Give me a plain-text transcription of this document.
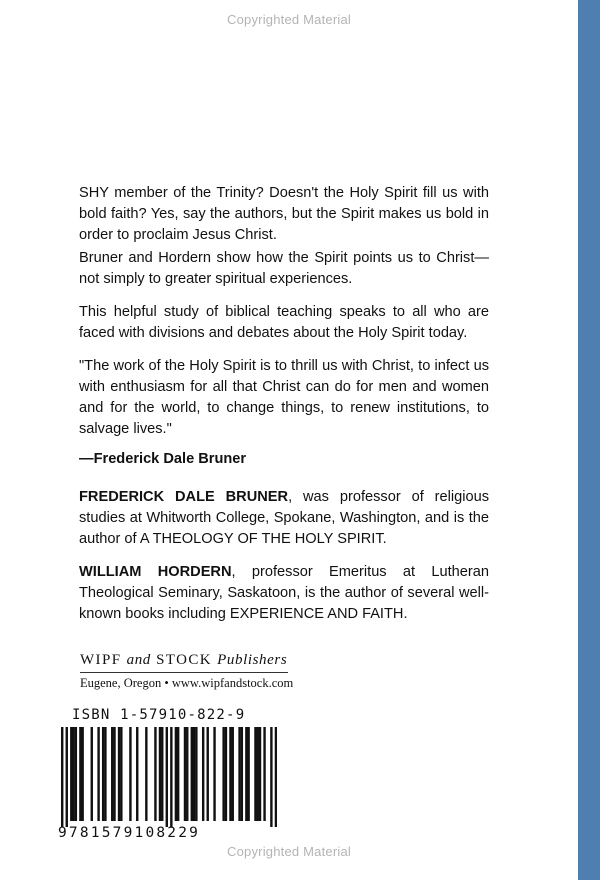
Copyrighted Material

SHY member of the Trinity? Doesn't the Holy Spirit fill us with bold faith? Yes, say the authors, but the Spirit makes us bold in order to proclaim Jesus Christ.

Bruner and Hordern show how the Spirit points us to Christ—not simply to greater spiritual experiences.

This helpful study of biblical teaching speaks to all who are faced with divisions and debates about the Holy Spirit today.

"The work of the Holy Spirit is to thrill us with Christ, to infect us with enthusiasm for all that Christ can do for men and women and for the world, to change things, to renew institutions, to salvage lives."

—Frederick Dale Bruner

FREDERICK DALE BRUNER, was professor of religious studies at Whitworth College, Spokane, Washington, and is the author of A THEOLOGY OF THE HOLY SPIRIT.

WILLIAM HORDERN, professor Emeritus at Lutheran Theological Seminary, Saskatoon, is the author of several well-known books including EXPERIENCE AND FAITH.

WIPF and STOCK Publishers
Eugene, Oregon • www.wipfandstock.com
ISBN 1-57910-822-9
9781579108229
Copyrighted Material
